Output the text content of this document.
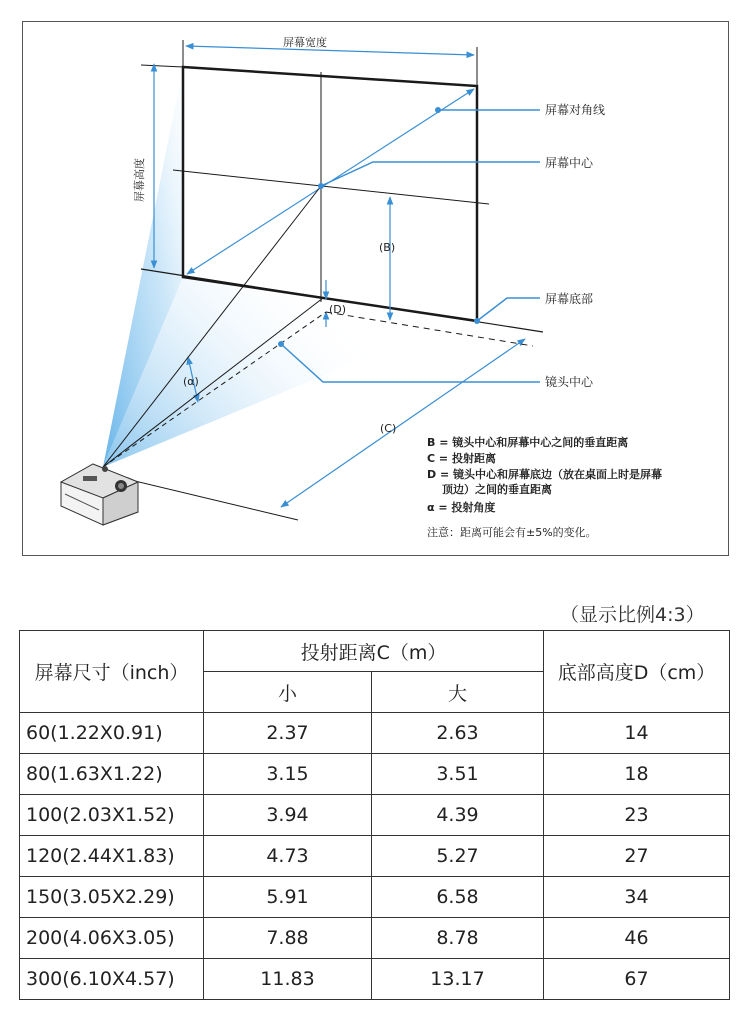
屏幕宽度
屏幕高度
屏幕对角线
屏幕中心
屏幕底部
镜头中心
(B)
(D)
(C)
(α)
B = 镜头中心和屏幕中心之间的垂直距离
C = 投射距离
D = 镜头中心和屏幕底边（放在桌面上时是屏幕
顶边）之间的垂直距离
α = 投射角度
注意：距离可能会有±5%的变化。
（显示比例4:3）
屏幕尺寸（inch）	投射距离C（m）		底部高度D（cm）
	小	大	
60(1.22X0.91)	2.37	2.63	14
80(1.63X1.22)	3.15	3.51	18
100(2.03X1.52)	3.94	4.39	23
120(2.44X1.83)	4.73	5.27	27
150(3.05X2.29)	5.91	6.58	34
200(4.06X3.05)	7.88	8.78	46
300(6.10X4.57)	11.83	13.17	67
